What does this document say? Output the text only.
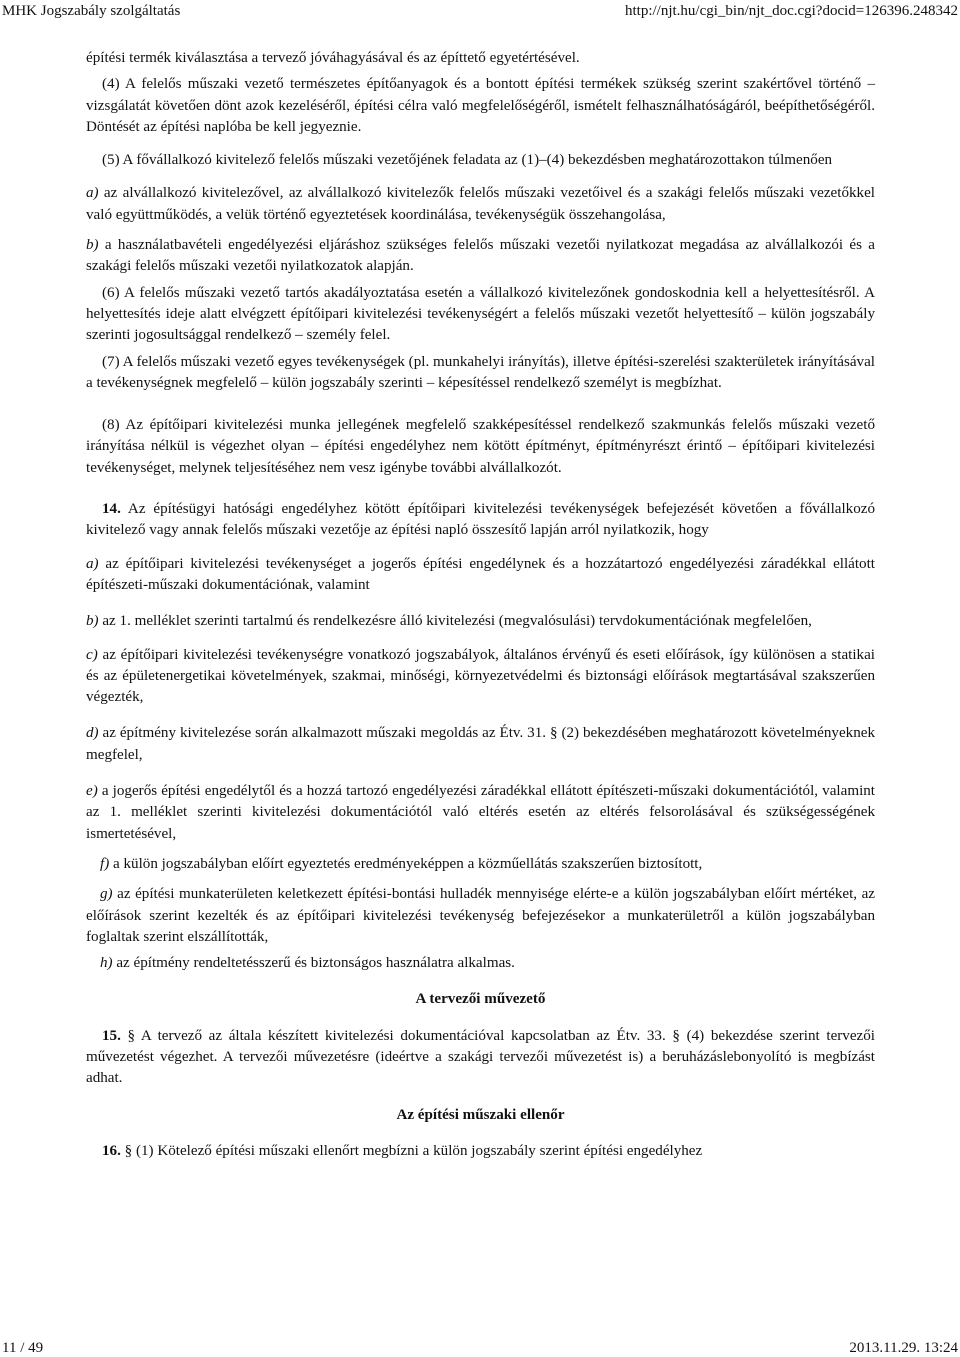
MHK Jogszabály szolgáltatás	http://njt.hu/cgi_bin/njt_doc.cgi?docid=126396.248342

építési termék kiválasztása a tervező jóváhagyásával és az építtető egyetértésével.

(4) A felelős műszaki vezető természetes építőanyagok és a bontott építési termékek szükség szerint szakértővel történő – vizsgálatát követően dönt azok kezeléséről, építési célra való megfelelőségéről, ismételt felhasználhatóságáról, beépíthetőségéről. Döntését az építési naplóba be kell jegyeznie.

(5) A fővállalkozó kivitelező felelős műszaki vezetőjének feladata az (1)–(4) bekezdésben meghatározottakon túlmenően

a) az alvállalkozó kivitelezővel, az alvállalkozó kivitelezők felelős műszaki vezetőivel és a szakági felelős műszaki vezetőkkel való együttműködés, a velük történő egyeztetések koordinálása, tevékenységük összehangolása,

b) a használatbavételi engedélyezési eljáráshoz szükséges felelős műszaki vezetői nyilatkozat megadása az alvállalkozói és a szakági felelős műszaki vezetői nyilatkozatok alapján.

(6) A felelős műszaki vezető tartós akadályoztatása esetén a vállalkozó kivitelezőnek gondoskodnia kell a helyettesítésről. A helyettesítés ideje alatt elvégzett építőipari kivitelezési tevékenységért a felelős műszaki vezetőt helyettesítő – külön jogszabály szerinti jogosultsággal rendelkező – személy felel.

(7) A felelős műszaki vezető egyes tevékenységek (pl. munkahelyi irányítás), illetve építési-szerelési szakterületek irányításával a tevékenységnek megfelelő – külön jogszabály szerinti – képesítéssel rendelkező személyt is megbízhat.

(8) Az építőipari kivitelezési munka jellegének megfelelő szakképesítéssel rendelkező szakmunkás felelős műszaki vezető irányítása nélkül is végezhet olyan – építési engedélyhez nem kötött építményt, építményrészt érintő – építőipari kivitelezési tevékenységet, melynek teljesítéséhez nem vesz igénybe további alvállalkozót.

14. Az építésügyi hatósági engedélyhez kötött építőipari kivitelezési tevékenységek befejezését követően a fővállalkozó kivitelező vagy annak felelős műszaki vezetője az építési napló összesítő lapján arról nyilatkozik, hogy

a) az építőipari kivitelezési tevékenységet a jogerős építési engedélynek és a hozzátartozó engedélyezési záradékkal ellátott építészeti-műszaki dokumentációnak, valamint

b) az 1. melléklet szerinti tartalmú és rendelkezésre álló kivitelezési (megvalósulási) tervdokumentációnak megfelelően,

c) az építőipari kivitelezési tevékenységre vonatkozó jogszabályok, általános érvényű és eseti előírások, így különösen a statikai és az épületenergetikai követelmények, szakmai, minőségi, környezetvédelmi és biztonsági előírások megtartásával szakszerűen végezték,

d) az építmény kivitelezése során alkalmazott műszaki megoldás az Étv. 31. § (2) bekezdésében meghatározott követelményeknek megfelel,

e) a jogerős építési engedélytől és a hozzá tartozó engedélyezési záradékkal ellátott építészeti-műszaki dokumentációtól, valamint az 1. melléklet szerinti kivitelezési dokumentációtól való eltérés esetén az eltérés felsorolásával és szükségességének ismertetésével,

f) a külön jogszabályban előírt egyeztetés eredményeképpen a közműellátás szakszerűen biztosított,

g) az építési munkaterületen keletkezett építési-bontási hulladék mennyisége elérte-e a külön jogszabályban előírt mértéket, az előírások szerint kezelték és az építőipari kivitelezési tevékenység befejezésekor a munkaterületről a külön jogszabályban foglaltak szerint elszállították,

h) az építmény rendeltetésszerű és biztonságos használatra alkalmas.

A tervezői művezető

15. § A tervező az általa készített kivitelezési dokumentációval kapcsolatban az Étv. 33. § (4) bekezdése szerint tervezői művezetést végezhet. A tervezői művezetésre (ideértve a szakági tervezői művezetést is) a beruházáslebonyolító is megbízást adhat.

Az építési műszaki ellenőr

16. § (1) Kötelező építési műszaki ellenőrt megbízni a külön jogszabály szerint építési engedélyhez

11 / 49	2013.11.29. 13:24
